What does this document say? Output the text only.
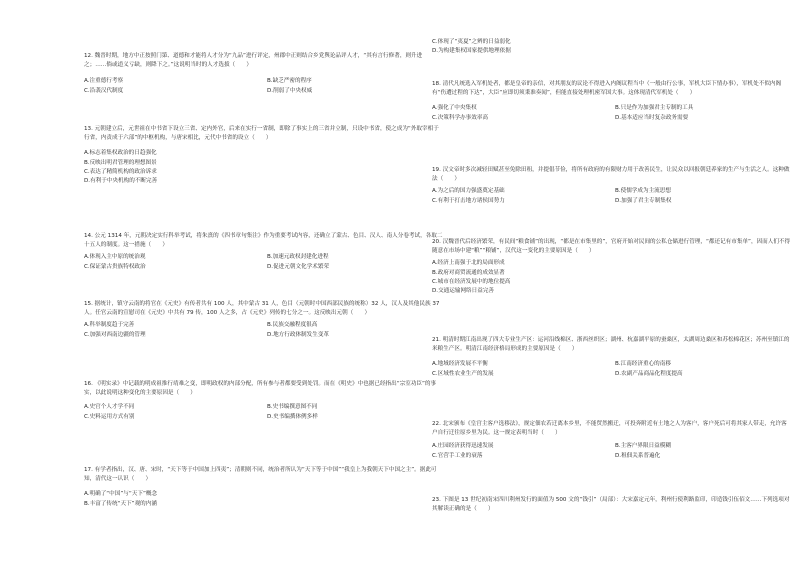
12. 魏晋时期，地方中正按照门第、道德和才能将人才分为“九品”进行评定，州郡中正则结合乡党舆论品评人才，“其有言行修著，则升进之；……倘或道义亏缺，则降下之。”这说明当时的人才选拔（　　）

A.注重德行考察	B.缺乏严密的程序

C.沿袭汉代制度	D.削弱了中央权威

13. 元朝建立后，元世祖在中书省下设立三省、定内外官，后来在实行一省制，即除了事实上的三省并立制，只设中书省，使之成为“外取宰相于行省，内责成于六部”的中枢机构，与唐宋相比，元代中书省的设立（　　）

A.标志着集权政治的日趋强化

B.反映出明君管理的理想图景

C.表达了精简机构的政治诉求

D.有利于中央机构的不断完善

14. 公元 1314 年，元朝决定实行科举考试，将朱熹的《四书章句集注》作为重要考试内容，还确立了蒙古、色目、汉人、南人分卷考试，各取二十五人的制度。这一措施（　　）

A.体现入主中原的统治观	B.加速元政权封建化进程

C.保证蒙古贵族特权政治	D.促进元朝文化学术繁荣

15. 据统计，镇守云南的将官在《元史》有传者共有 100 人，其中蒙古 31 人，色目（元朝时中国西部民族的统称）32 人，汉人及其他民族 37 人。任官云南的宣慰司在《元史》中共有 79 传，100 人之多，占《元史》列传的七分之一。这反映出元朝（　　）

A.科举制度趋于完善	B.民族交融程度很高

C.加强对西南边疆的管理	D.地方行政体制发生变革

16. 《明实录》中记载的明成祖推行靖难之变，即明政权的内部分配，所有参与者都要受到处罚。而在《明史》中也据已经指出“宗室功臣”的事实，以此说明这种变化的主要原因是（　　）

A.史官个人才学不同	B.史书编撰意图不同

C.史料运用方式有别	D.史书编撰体例多样

17. 有学者指出，汉、唐、宋时，“天下等于中国加上四夷”；清朝则不同，统治者所认为“天下等于中国”“我皇上为我朝天下中国之主”。据此可知，清代这一认识（　　）

A.明确了“中国”与“天下”概念

B.丰富了传统“天下”观的内涵

C.体现了“夷夏”之辨的日益弱化

D.为构建集权国家提供地理依据

18. 清代凡统选入军机处者，都是皇帝的亲信，对其朋友的议论不得进入内阁议程当中（一般由行公事，军机大臣下情办事），军机处不似内阁有“伤遭过程的下达”，大臣“应即切须秉准奏闻”，但能直接处理机密军国大事。这体现清代军机处（　　）

A.强化了中央集权	B.只是作为加强君主专制的工具

C.决策科学办事效率高	D.基本适应当时复杂政务需要

19. 汉文帝时多次减轻田赋甚至免除田租，并提倡节俭，将所有政府的有限财力用于改善民生，让民众以回报朝廷养家的生产与生活之人。这种做法（　　）

A.为之后的国力强盛奠定基础	B.使儒学成为主流思想

C.有利于打击地方诸侯国势力	D.加强了君主专制集权

20. 汉魏晋代后经济繁荣，有民间“粮食铺”的出现，“都是在市集里的”，官府开始对民间的公私仓储进行管理，“都还记有市集单”，因而人们不得随意在市场中建“粮”“粮铺”，汉代这一变化的主要原因是（　　）

A.经济上南强于北的局面形成

B.政府对商贸流通的成效显著

C.城市在经济发展中的地位提高

D.交通运输网络日益完善

21. 明清时期江南出现了四大专业生产区：运河沿线棉区、浙西丝织区；湖州、杭嘉湖平原的蚕桑区，太湖周边桑区和苏松棉花区；苏州至镇江的米粮生产区。明清江南经济格局形成的主要原因是（　　）

A.地域经济发展不平衡	B.江南经济重心的南移

C.区域性农业生产的发展	D.农副产品商品化程度提高

22. 北宋颁布《皇宫主客户选移法》，规定佃农若迁离本乡里，不能贸然搬迁，可投奔附近有土地之人为客户，客户死后可将其家人带走，允许客户自行迁往原乡里为民。这一规定表明当时（　　）

A.庄园经济获得迅速发展	B.主客户界限日益模糊

C.官营手工业的衰落	D.租佃关系普遍化

23. 下图是 13 世纪初南宋四川利州发行的面值为 500 文的“钱引”（局部）：大宋嘉定元年，利州行使利路监印，印造钱引伍佰文……下列选项对其解读正确的是（　　）
